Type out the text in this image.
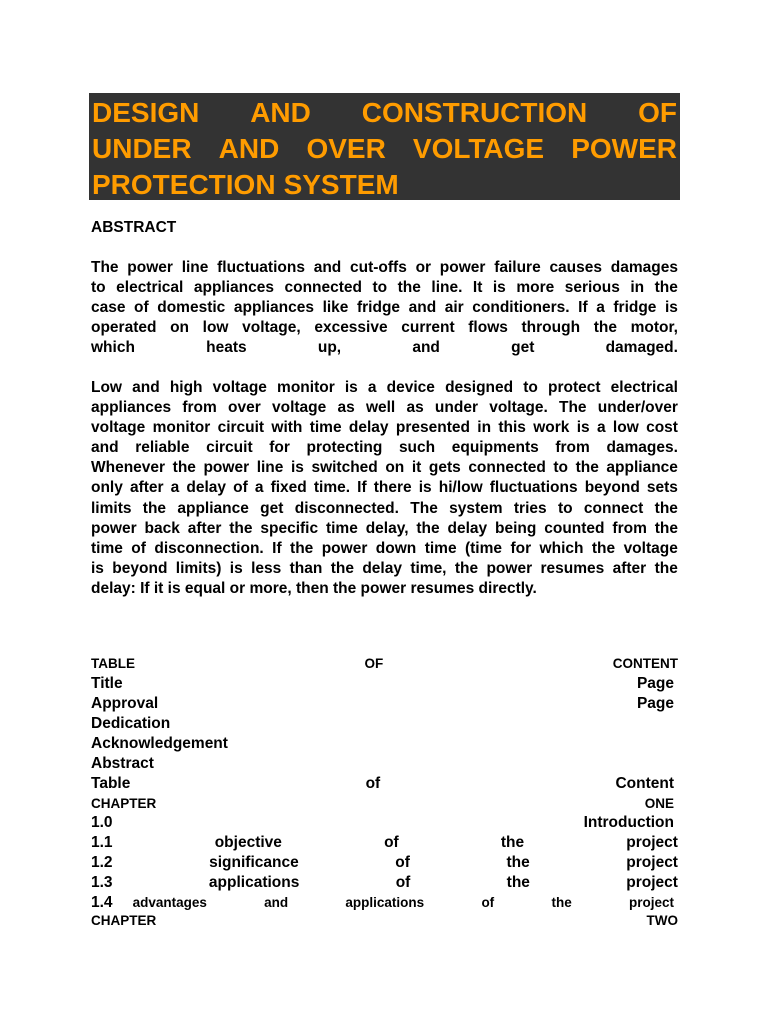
DESIGN AND CONSTRUCTION OF
UNDER AND OVER VOLTAGE POWER
PROTECTION SYSTEM
ABSTRACT
The power line fluctuations and cut-offs or power failure causes damages
to electrical appliances connected to the line. It is more serious in the
case of domestic appliances like fridge and air conditioners. If a fridge is
operated on low voltage, excessive current flows through the motor,
which	heats	up,	and	get	damaged.
Low and high voltage monitor is a device designed to protect electrical
appliances from over voltage as well as under voltage. The under/over
voltage monitor circuit with time delay presented in this work is a low cost
and reliable circuit for protecting such equipments from damages.
Whenever the power line is switched on it gets connected to the appliance
only after a delay of a fixed time. If there is hi/low fluctuations beyond sets
limits the appliance get disconnected. The system tries to connect the
power back after the specific time delay, the delay being counted from the
time of disconnection. If the power down time (time for which the voltage
is beyond limits) is less than the delay time, the power resumes after the
delay: If it is equal or more, then the power resumes directly.
TABLE	OF	CONTENT
Title	Page
Approval	Page
Dedication
Acknowledgement
Abstract
Table	of	Content
CHAPTER	ONE
1.0	Introduction
1.1	objective	of	the	project
1.2	significance	of	the	project
1.3	applications	of	the	project
1.4 advantages	and	applications	of	the	project
CHAPTER	TWO
